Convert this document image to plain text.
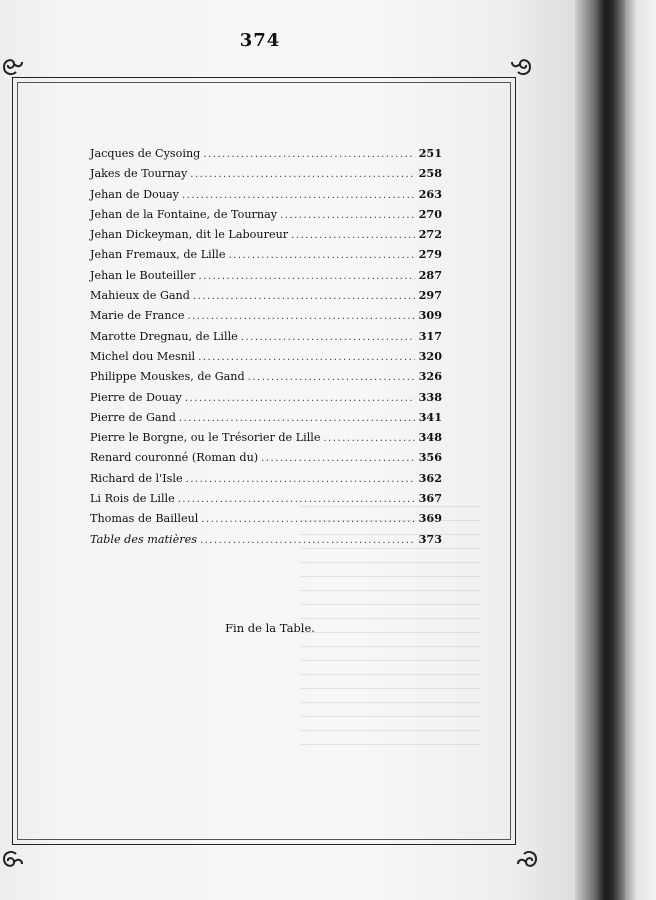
374
Jacques de Cysoing .....	251
Jakes de Tournay .....	258
Jehan de Douay .....	263
Jehan de la Fontaine, de Tournay .....	270
Jehan Dickeyman, dit le Laboureur .....	272
Jehan Fremaux, de Lille .....	279
Jehan le Bouteiller .....	287
Mahieux de Gand .....	297
Marie de France .....	309
Marotte Dregnau, de Lille .....	317
Michel dou Mesnil .....	320
Philippe Mouskes, de Gand .....	326
Pierre de Douay .....	338
Pierre de Gand .....	341
Pierre le Borgne, ou le Trésorier de Lille .....	348
Renard couronné (Roman du) .....	356
Richard de l'Isle .....	362
Li Rois de Lille .....	367
Thomas de Bailleul .....	369
Table des matières .....	373
Fin de la Table.
